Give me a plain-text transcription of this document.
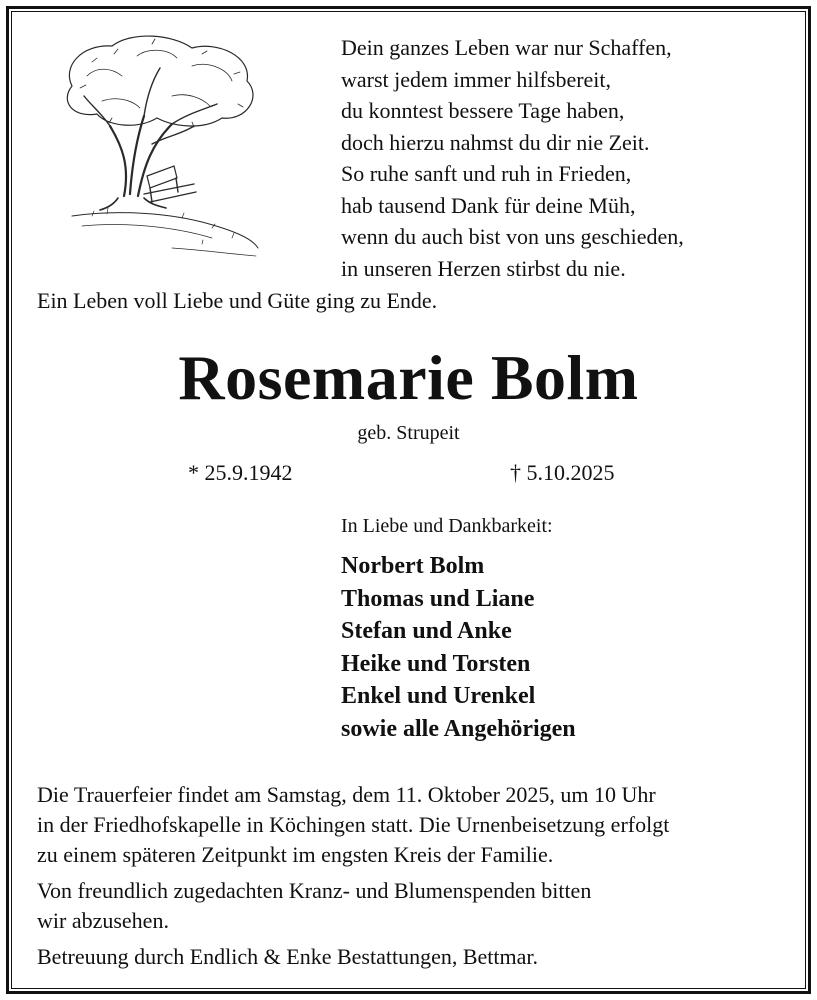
Dein ganzes Leben war nur Schaffen,
warst jedem immer hilfsbereit,
du konntest bessere Tage haben,
doch hierzu nahmst du dir nie Zeit.
So ruhe sanft und ruh in Frieden,
hab tausend Dank für deine Müh,
wenn du auch bist von uns geschieden,
in unseren Herzen stirbst du nie.
Ein Leben voll Liebe und Güte ging zu Ende.
Rosemarie Bolm
geb. Strupeit
* 25.9.1942	† 5.10.2025
In Liebe und Dankbarkeit:
Norbert Bolm
Thomas und Liane
Stefan und Anke
Heike und Torsten
Enkel und Urenkel
sowie alle Angehörigen
Die Trauerfeier findet am Samstag, dem 11. Oktober 2025, um 10 Uhr
in der Friedhofskapelle in Köchingen statt. Die Urnenbeisetzung erfolgt
zu einem späteren Zeitpunkt im engsten Kreis der Familie.
Von freundlich zugedachten Kranz- und Blumenspenden bitten
wir abzusehen.
Betreuung durch Endlich & Enke Bestattungen, Bettmar.
